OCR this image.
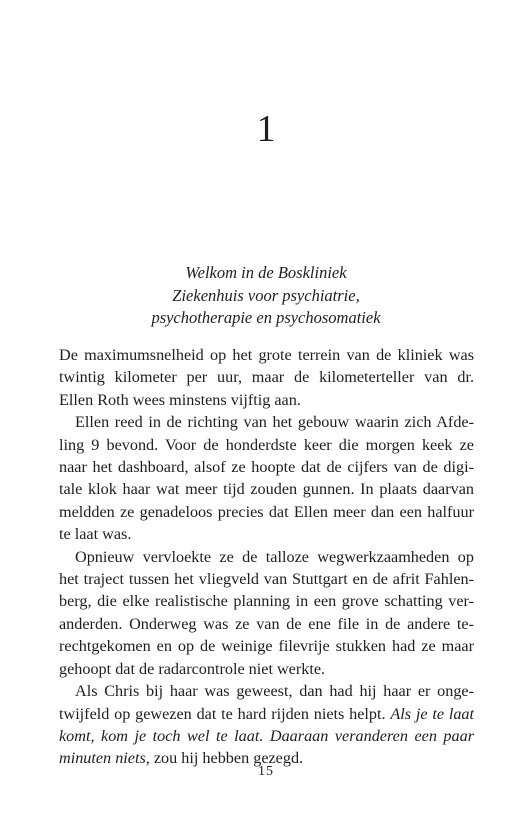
1
Welkom in de Boskliniek
Ziekenhuis voor psychiatrie,
psychotherapie en psychosomatiek
De maximumsnelheid op het grote terrein van de kliniek was
twintig kilometer per uur, maar de kilometerteller van dr.
Ellen Roth wees minstens vijftig aan.
Ellen reed in de richting van het gebouw waarin zich Afde-
ling 9 bevond. Voor de honderdste keer die morgen keek ze
naar het dashboard, alsof ze hoopte dat de cijfers van de digi-
tale klok haar wat meer tijd zouden gunnen. In plaats daarvan
meldden ze genadeloos precies dat Ellen meer dan een halfuur
te laat was.
Opnieuw vervloekte ze de talloze wegwerkzaamheden op
het traject tussen het vliegveld van Stuttgart en de afrit Fahlen-
berg, die elke realistische planning in een grove schatting ver-
anderden. Onderweg was ze van de ene file in de andere te-
rechtgekomen en op de weinige filevrije stukken had ze maar
gehoopt dat de radarcontrole niet werkte.
Als Chris bij haar was geweest, dan had hij haar er onge-
twijfeld op gewezen dat te hard rijden niets helpt. Als je te laat
komt, kom je toch wel te laat. Daaraan veranderen een paar
minuten niets, zou hij hebben gezegd.
15
